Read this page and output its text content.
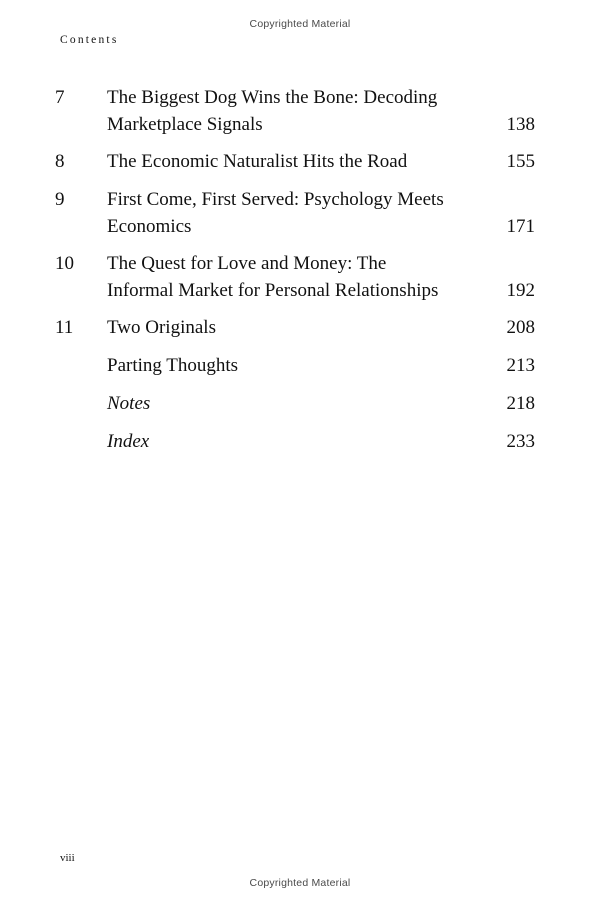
Copyrighted Material
Contents
7	The Biggest Dog Wins the Bone: Decoding Marketplace Signals	138
8	The Economic Naturalist Hits the Road	155
9	First Come, First Served: Psychology Meets Economics	171
10	The Quest for Love and Money: The Informal Market for Personal Relationships	192
11	Two Originals	208
Parting Thoughts	213
Notes	218
Index	233
viii
Copyrighted Material
